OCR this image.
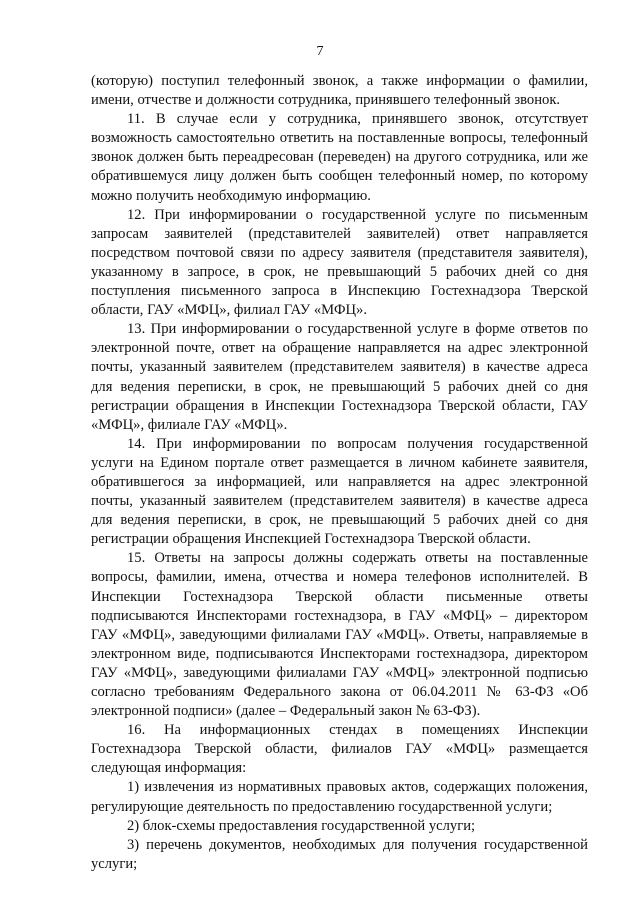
7

(которую) поступил телефонный звонок, а также информации о фамилии, имени, отчестве и должности сотрудника, принявшего телефонный звонок.

11. В случае если у сотрудника, принявшего звонок, отсутствует возможность самостоятельно ответить на поставленные вопросы, телефонный звонок должен быть переадресован (переведен) на другого сотрудника, или же обратившемуся лицу должен быть сообщен телефонный номер, по которому можно получить необходимую информацию.

12. При информировании о государственной услуге по письменным запросам заявителей (представителей заявителей) ответ направляется посредством почтовой связи по адресу заявителя (представителя заявителя), указанному в запросе, в срок, не превышающий 5 рабочих дней со дня поступления письменного запроса в Инспекцию Гостехнадзора Тверской области, ГАУ «МФЦ», филиал ГАУ «МФЦ».

13. При информировании о государственной услуге в форме ответов по электронной почте, ответ на обращение направляется на адрес электронной почты, указанный заявителем (представителем заявителя) в качестве адреса для ведения переписки, в срок, не превышающий 5 рабочих дней со дня регистрации обращения в Инспекции Гостехнадзора Тверской области, ГАУ «МФЦ», филиале ГАУ «МФЦ».

14. При информировании по вопросам получения государственной услуги на Едином портале ответ размещается в личном кабинете заявителя, обратившегося за информацией, или направляется на адрес электронной почты, указанный заявителем (представителем заявителя) в качестве адреса для ведения переписки, в срок, не превышающий 5 рабочих дней со дня регистрации обращения Инспекцией Гостехнадзора Тверской области.

15. Ответы на запросы должны содержать ответы на поставленные вопросы, фамилии, имена, отчества и номера телефонов исполнителей. В Инспекции Гостехнадзора Тверской области письменные ответы подписываются Инспекторами гостехнадзора, в ГАУ «МФЦ» – директором ГАУ «МФЦ», заведующими филиалами ГАУ «МФЦ». Ответы, направляемые в электронном виде, подписываются Инспекторами гостехнадзора, директором ГАУ «МФЦ», заведующими филиалами ГАУ «МФЦ» электронной подписью согласно требованиям Федерального закона от 06.04.2011 № 63-ФЗ «Об электронной подписи» (далее – Федеральный закон № 63-ФЗ).

16. На информационных стендах в помещениях Инспекции Гостехнадзора Тверской области, филиалов ГАУ «МФЦ» размещается следующая информация:

1) извлечения из нормативных правовых актов, содержащих положения, регулирующие деятельность по предоставлению государственной услуги;

2) блок-схемы предоставления государственной услуги;

3) перечень документов, необходимых для получения государственной услуги;
